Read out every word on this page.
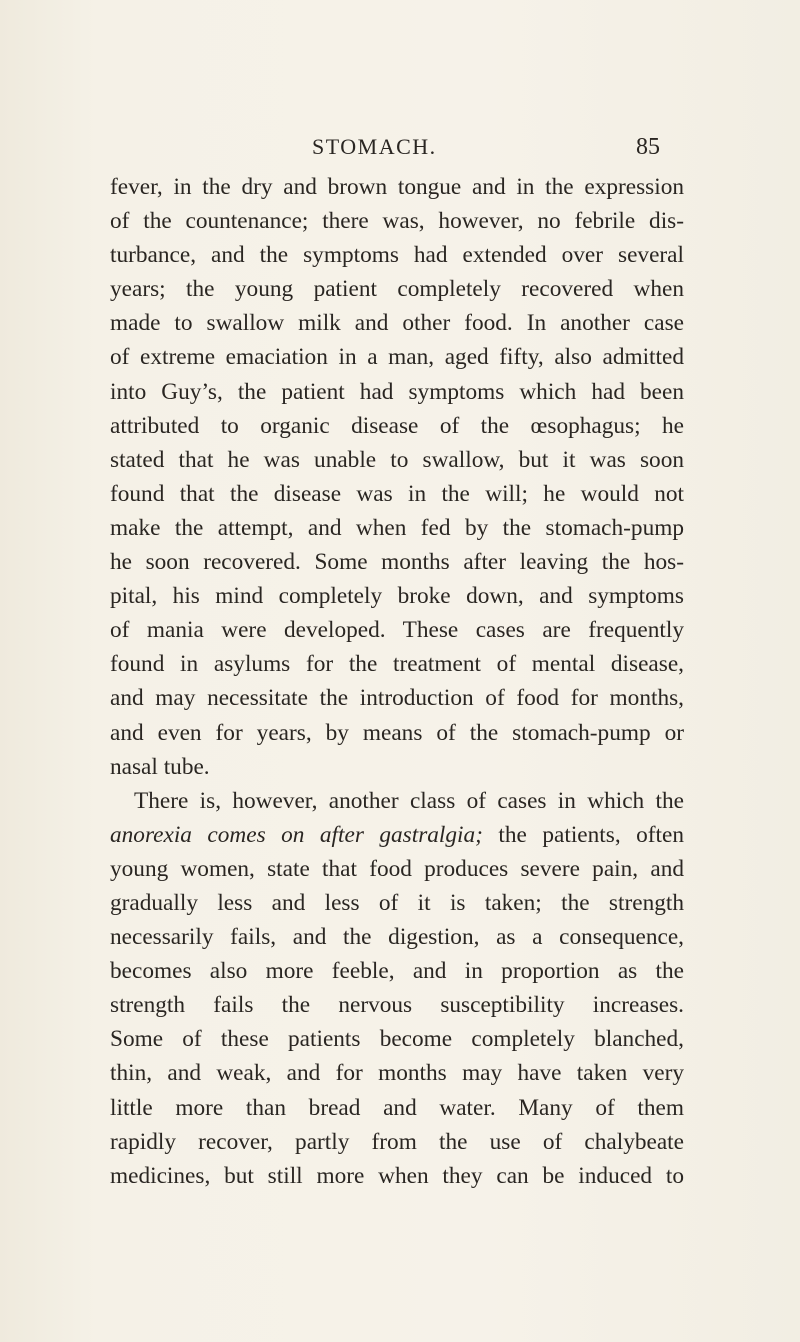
STOMACH.	85
fever, in the dry and brown tongue and in the expression
of the countenance; there was, however, no febrile dis-
turbance, and the symptoms had extended over several
years; the young patient completely recovered when
made to swallow milk and other food. In another case
of extreme emaciation in a man, aged fifty, also admitted
into Guy’s, the patient had symptoms which had been
attributed to organic disease of the œsophagus; he
stated that he was unable to swallow, but it was soon
found that the disease was in the will; he would not
make the attempt, and when fed by the stomach-pump
he soon recovered. Some months after leaving the hos-
pital, his mind completely broke down, and symptoms
of mania were developed. These cases are frequently
found in asylums for the treatment of mental disease,
and may necessitate the introduction of food for months,
and even for years, by means of the stomach-pump or
nasal tube.
There is, however, another class of cases in which the
anorexia comes on after gastralgia; the patients, often
young women, state that food produces severe pain, and
gradually less and less of it is taken; the strength
necessarily fails, and the digestion, as a consequence,
becomes also more feeble, and in proportion as the
strength fails the nervous susceptibility increases.
Some of these patients become completely blanched,
thin, and weak, and for months may have taken very
little more than bread and water. Many of them
rapidly recover, partly from the use of chalybeate
medicines, but still more when they can be induced to
